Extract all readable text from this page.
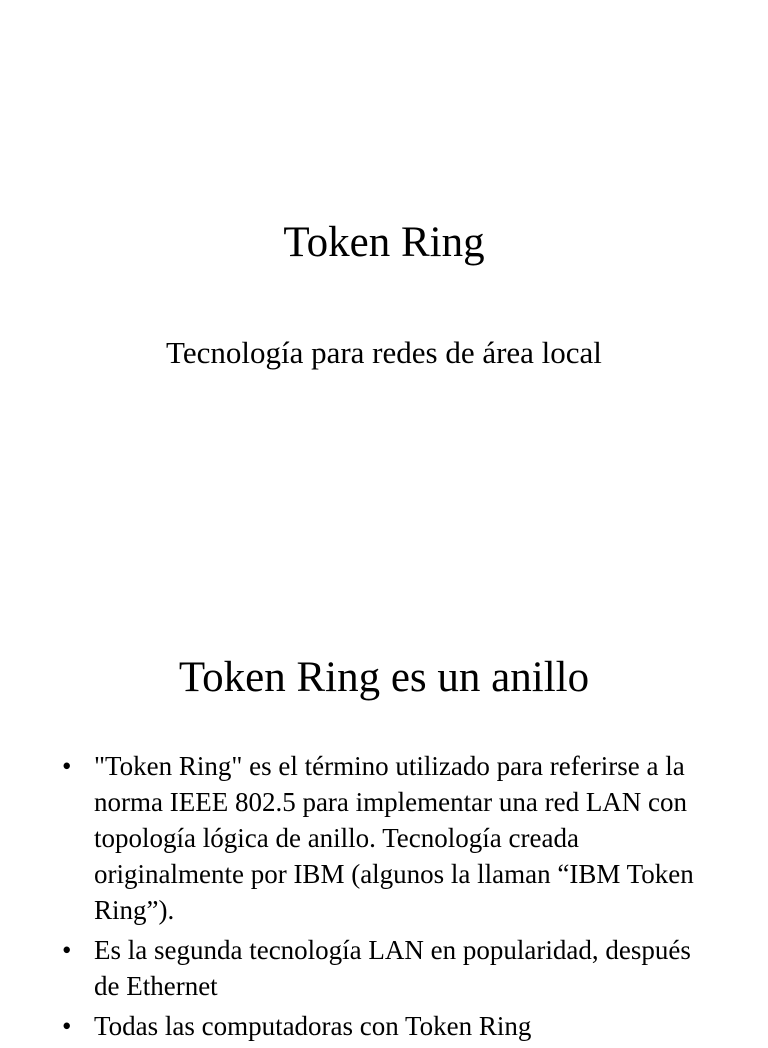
Token Ring

Tecnología para redes de área local

Token Ring es un anillo
• "Token Ring" es el término utilizado para referirse a la norma IEEE 802.5 para implementar una red LAN con topología lógica de anillo. Tecnología creada originalmente por IBM (algunos la llaman “IBM Token Ring”).
• Es la segunda tecnología LAN en popularidad, después de Ethernet
• Todas las computadoras con Token Ring
